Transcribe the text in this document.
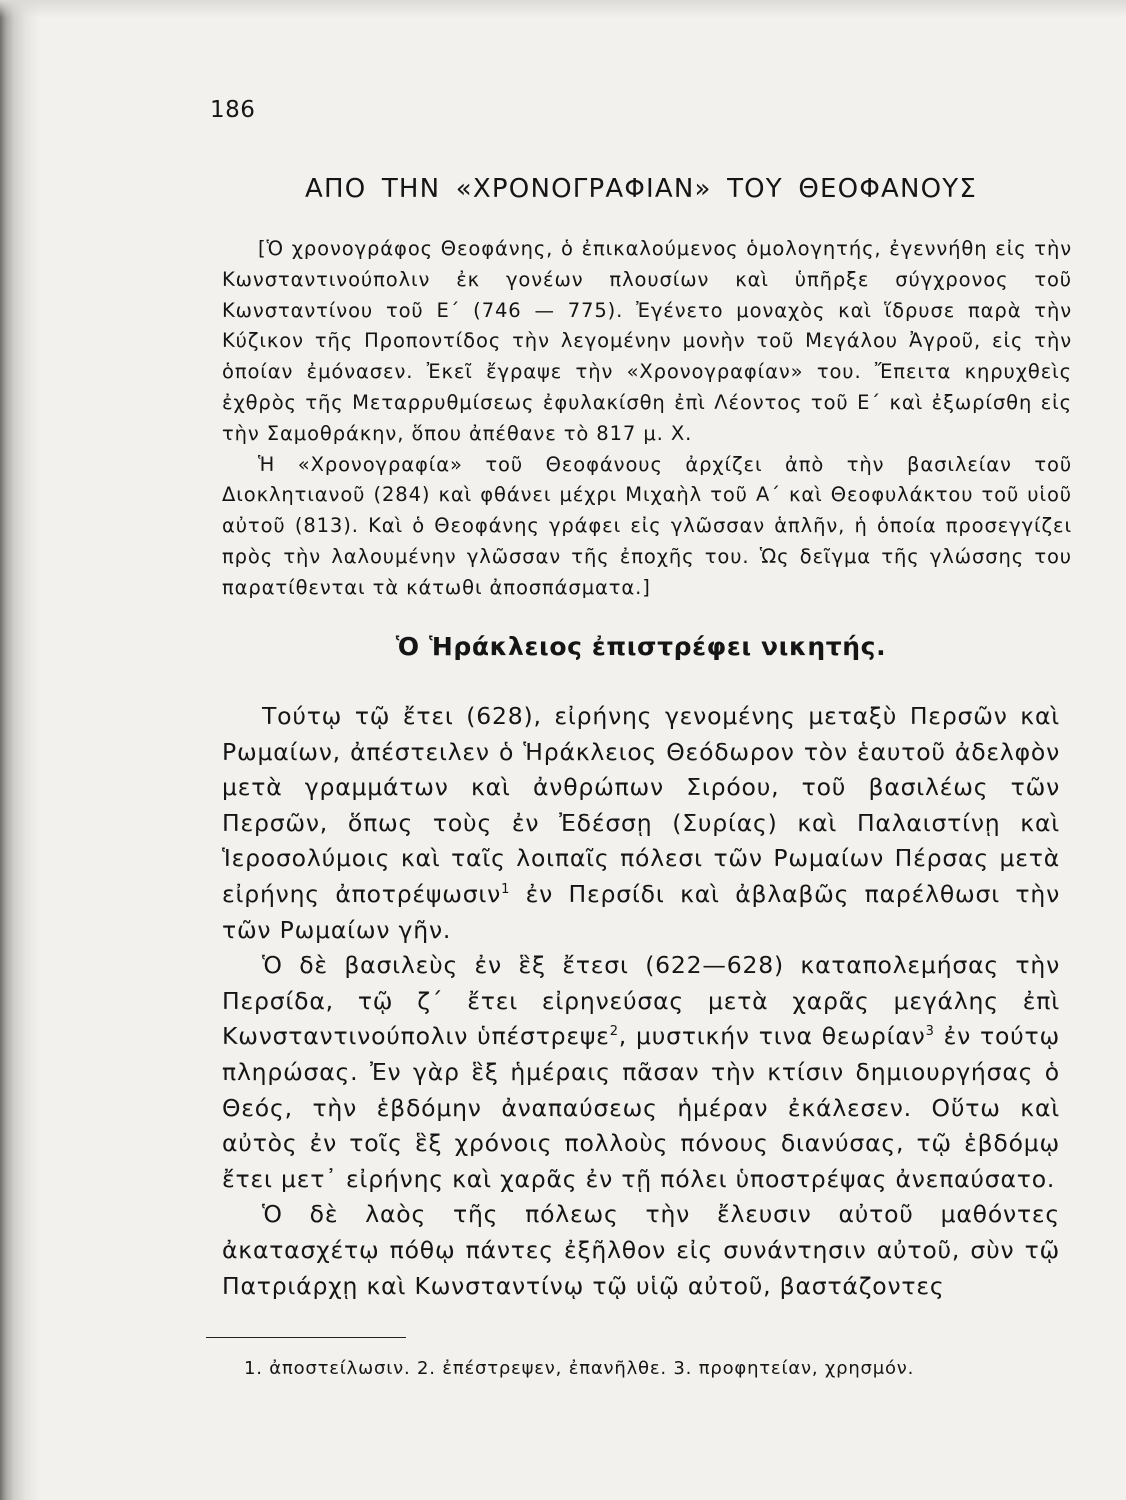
186
ΑΠΟ ΤΗΝ «ΧΡΟΝΟΓΡΑΦΙΑΝ» ΤΟΥ ΘΕΟΦΑΝΟΥΣ

[Ὁ χρονογράφος Θεοφάνης, ὁ ἐπικαλούμενος ὁμολογητής, ἐγεννήθη εἰς τὴν Κωνσταντινούπολιν ἐκ γονέων πλουσίων καὶ ὑπῆρξε σύγχρονος τοῦ Κωνσταντίνου τοῦ Ε΄ (746 — 775). Ἐγένετο μοναχὸς καὶ ἵδρυσε παρὰ τὴν Κύζικον τῆς Προποντίδος τὴν λεγομένην μονὴν τοῦ Μεγάλου Ἀγροῦ, εἰς τὴν ὁποίαν ἐμόνασεν. Ἐκεῖ ἔγραψε τὴν «Χρονογραφίαν» του. Ἔπειτα κηρυχθεὶς ἐχθρὸς τῆς Μεταρρυθμίσεως ἐφυλακίσθη ἐπὶ Λέοντος τοῦ Ε΄ καὶ ἐξωρίσθη εἰς τὴν Σαμοθράκην, ὅπου ἀπέθανε τὸ 817 μ. Χ.

Ἡ «Χρονογραφία» τοῦ Θεοφάνους ἀρχίζει ἀπὸ τὴν βασιλείαν τοῦ Διοκλητιανοῦ (284) καὶ φθάνει μέχρι Μιχαὴλ τοῦ Α΄ καὶ Θεοφυλάκτου τοῦ υἱοῦ αὐτοῦ (813). Καὶ ὁ Θεοφάνης γράφει εἰς γλῶσσαν ἁπλῆν, ἡ ὁποία προσεγγίζει πρὸς τὴν λαλουμένην γλῶσσαν τῆς ἐποχῆς του. Ὡς δεῖγμα τῆς γλώσσης του παρατίθενται τὰ κάτωθι ἀποσπάσματα.]

Ὁ Ἡράκλειος ἐπιστρέφει νικητής.

Τούτῳ τῷ ἔτει (628), εἰρήνης γενομένης μεταξὺ Περσῶν καὶ Ρωμαίων, ἀπέστειλεν ὁ Ἡράκλειος Θεόδωρον τὸν ἑαυτοῦ ἀδελφὸν μετὰ γραμμάτων καὶ ἀνθρώπων Σιρόου, τοῦ βασιλέως τῶν Περσῶν, ὅπως τοὺς ἐν Ἐδέσσῃ (Συρίας) καὶ Παλαιστίνῃ καὶ Ἱεροσολύμοις καὶ ταῖς λοιπαῖς πόλεσι τῶν Ρωμαίων Πέρσας μετὰ εἰρήνης ἀποτρέψωσιν$^1$ ἐν Περσίδι καὶ ἀβλαβῶς παρέλθωσι τὴν τῶν Ρωμαίων γῆν.

Ὁ δὲ βασιλεὺς ἐν ἓξ ἔτεσι (622—628) καταπολεμήσας τὴν Περσίδα, τῷ ζ΄ ἔτει εἰρηνεύσας μετὰ χαρᾶς μεγάλης ἐπὶ Κωνσταντινούπολιν ὑπέστρεψε$^2$, μυστικήν τινα θεωρίαν$^3$ ἐν τούτῳ πληρώσας. Ἐν γὰρ ἓξ ἡμέραις πᾶσαν τὴν κτίσιν δημιουργήσας ὁ Θεός, τὴν ἑβδόμην ἀναπαύσεως ἡμέραν ἐκάλεσεν. Οὕτω καὶ αὐτὸς ἐν τοῖς ἓξ χρόνοις πολλοὺς πόνους διανύσας, τῷ ἑβδόμῳ ἔτει μετ᾽ εἰρήνης καὶ χαρᾶς ἐν τῇ πόλει ὑποστρέψας ἀνεπαύσατο.

Ὁ δὲ λαὸς τῆς πόλεως τὴν ἔλευσιν αὐτοῦ μαθόντες ἀκατασχέτῳ πόθῳ πάντες ἐξῆλθον εἰς συνάντησιν αὐτοῦ, σὺν τῷ Πατριάρχῃ καὶ Κωνσταντίνῳ τῷ υἱῷ αὐτοῦ, βαστάζοντες

1. ἀποστείλωσιν. 2. ἐπέστρεψεν, ἐπανῆλθε. 3. προφητείαν, χρησμόν.
